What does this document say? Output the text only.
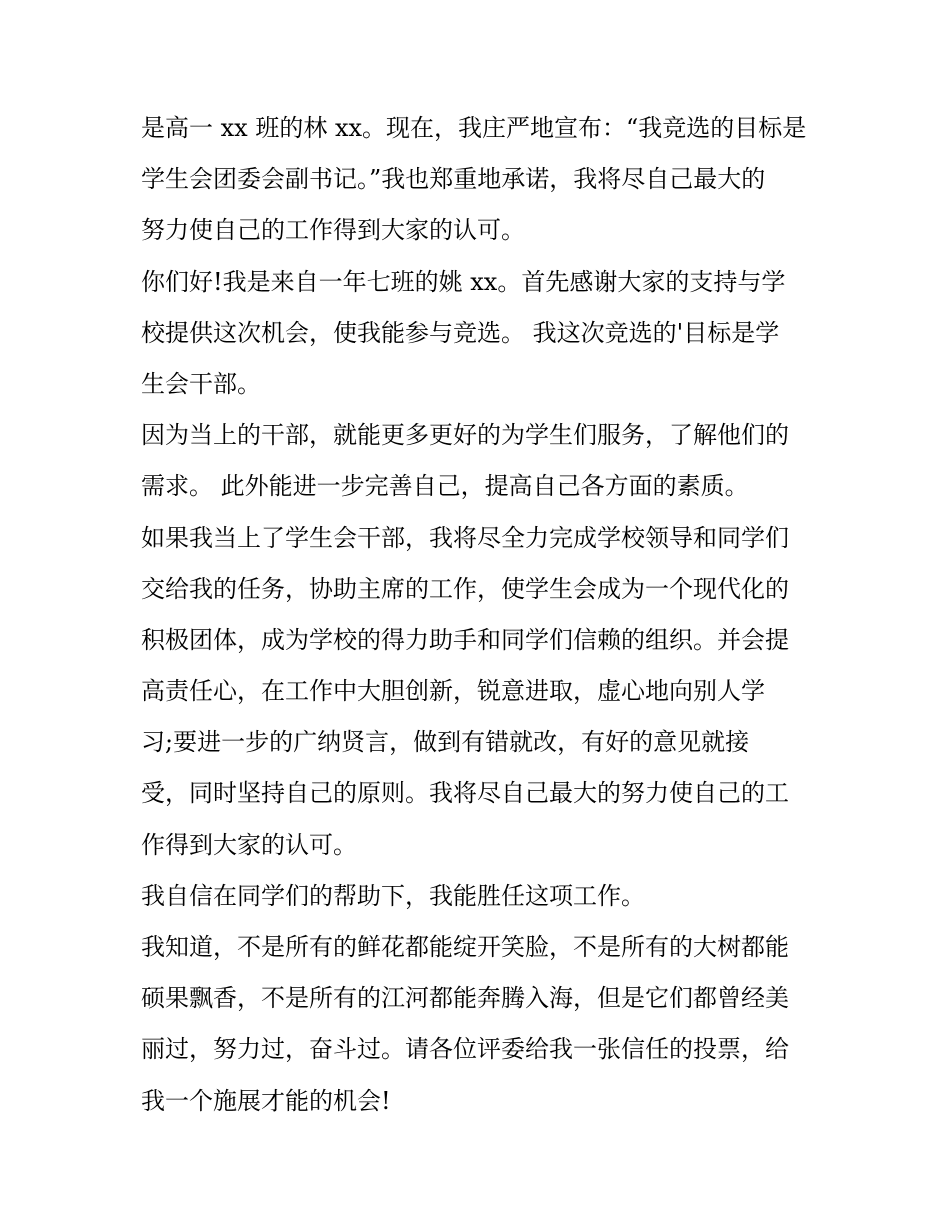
是高一 xx 班的林 xx。现在，我庄严地宣布：“我竞选的目标是
学生会团委会副书记。”我也郑重地承诺，我将尽自己最大的
努力使自己的工作得到大家的认可。
你们好!我是来自一年七班的姚 xx。首先感谢大家的支持与学
校提供这次机会，使我能参与竞选。 我这次竞选的'目标是学
生会干部。
因为当上的干部，就能更多更好的为学生们服务，了解他们的
需求。 此外能进一步完善自己，提高自己各方面的素质。
如果我当上了学生会干部，我将尽全力完成学校领导和同学们
交给我的任务，协助主席的工作，使学生会成为一个现代化的
积极团体，成为学校的得力助手和同学们信赖的组织。并会提
高责任心，在工作中大胆创新，锐意进取，虚心地向别人学
习;要进一步的广纳贤言，做到有错就改，有好的意见就接
受，同时坚持自己的原则。我将尽自己最大的努力使自己的工
作得到大家的认可。
我自信在同学们的帮助下，我能胜任这项工作。
我知道，不是所有的鲜花都能绽开笑脸，不是所有的大树都能
硕果飘香，不是所有的江河都能奔腾入海，但是它们都曾经美
丽过，努力过，奋斗过。请各位评委给我一张信任的投票，给
我一个施展才能的机会!
